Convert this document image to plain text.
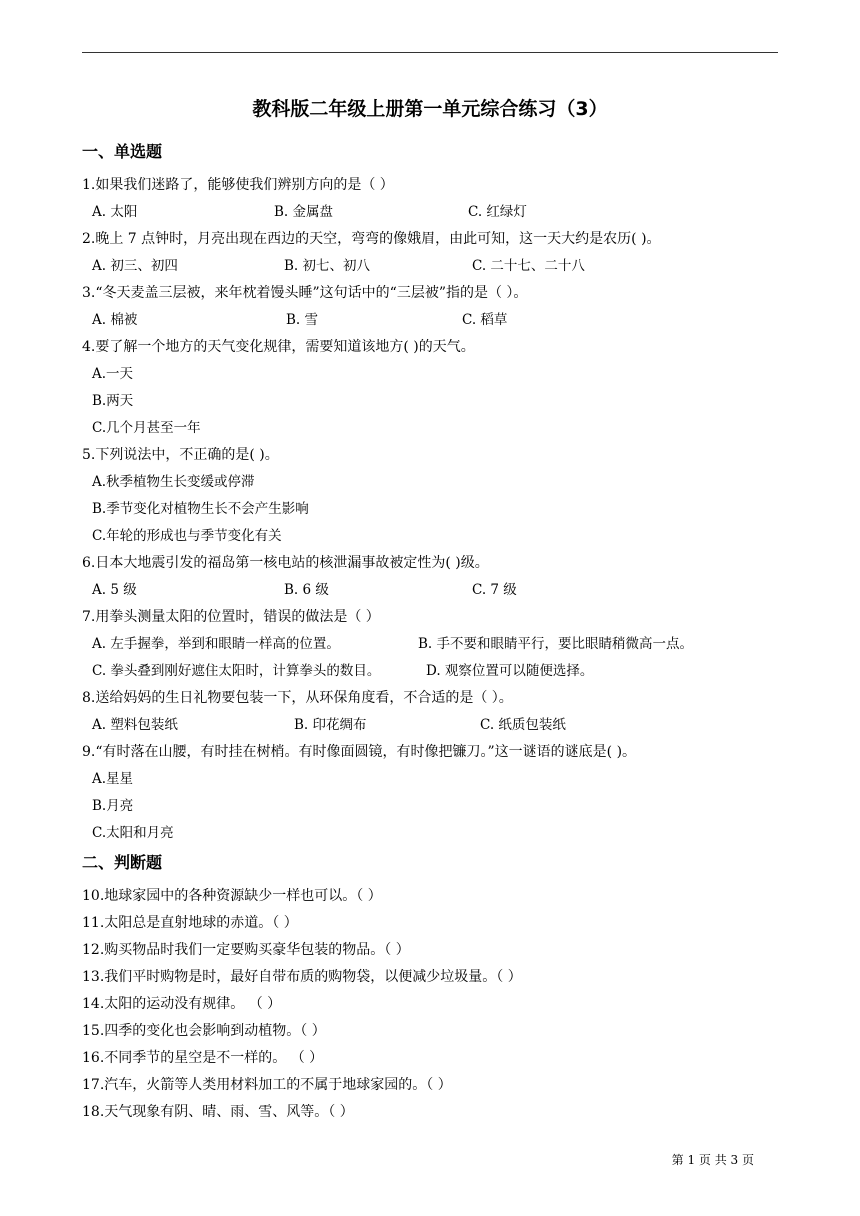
教科版二年级上册第一单元综合练习（3）
一、单选题
1.如果我们迷路了，能够使我们辨别方向的是（ ）
A. 太阳	B. 金属盘	C. 红绿灯
2.晚上 7 点钟时，月亮出现在西边的天空，弯弯的像娥眉，由此可知，这一天大约是农历( )。
A. 初三、初四	B. 初七、初八	C. 二十七、二十八
3.“冬天麦盖三层被，来年枕着馒头睡”这句话中的“三层被”指的是（ ）。
A. 棉被	B. 雪	C. 稻草
4.要了解一个地方的天气变化规律，需要知道该地方( )的天气。
A.一天
B.两天
C.几个月甚至一年
5.下列说法中，不正确的是( )。
A.秋季植物生长变缓或停滞
B.季节变化对植物生长不会产生影响
C.年轮的形成也与季节变化有关
6.日本大地震引发的福岛第一核电站的核泄漏事故被定性为( )级。
A. 5 级	B. 6 级	C. 7 级
7.用拳头测量太阳的位置时，错误的做法是（ ）
A. 左手握拳，举到和眼睛一样高的位置。	B. 手不要和眼睛平行，要比眼睛稍微高一点。
C. 拳头叠到刚好遮住太阳时，计算拳头的数目。	D. 观察位置可以随便选择。
8.送给妈妈的生日礼物要包装一下，从环保角度看，不合适的是（ ）。
A. 塑料包装纸	B. 印花绸布	C. 纸质包装纸
9.“有时落在山腰，有时挂在树梢。有时像面圆镜，有时像把镰刀。”这一谜语的谜底是( )。
A.星星
B.月亮
C.太阳和月亮
二、判断题
10.地球家园中的各种资源缺少一样也可以。（ ）
11.太阳总是直射地球的赤道。（ ）
12.购买物品时我们一定要购买豪华包装的物品。（ ）
13.我们平时购物是时，最好自带布质的购物袋，以便减少垃圾量。（ ）
14.太阳的运动没有规律。 （ ）
15.四季的变化也会影响到动植物。（ ）
16.不同季节的星空是不一样的。 （ ）
17.汽车，火箭等人类用材料加工的不属于地球家园的。（ ）
18.天气现象有阴、晴、雨、雪、风等。（ ）
第 1 页 共 3 页
